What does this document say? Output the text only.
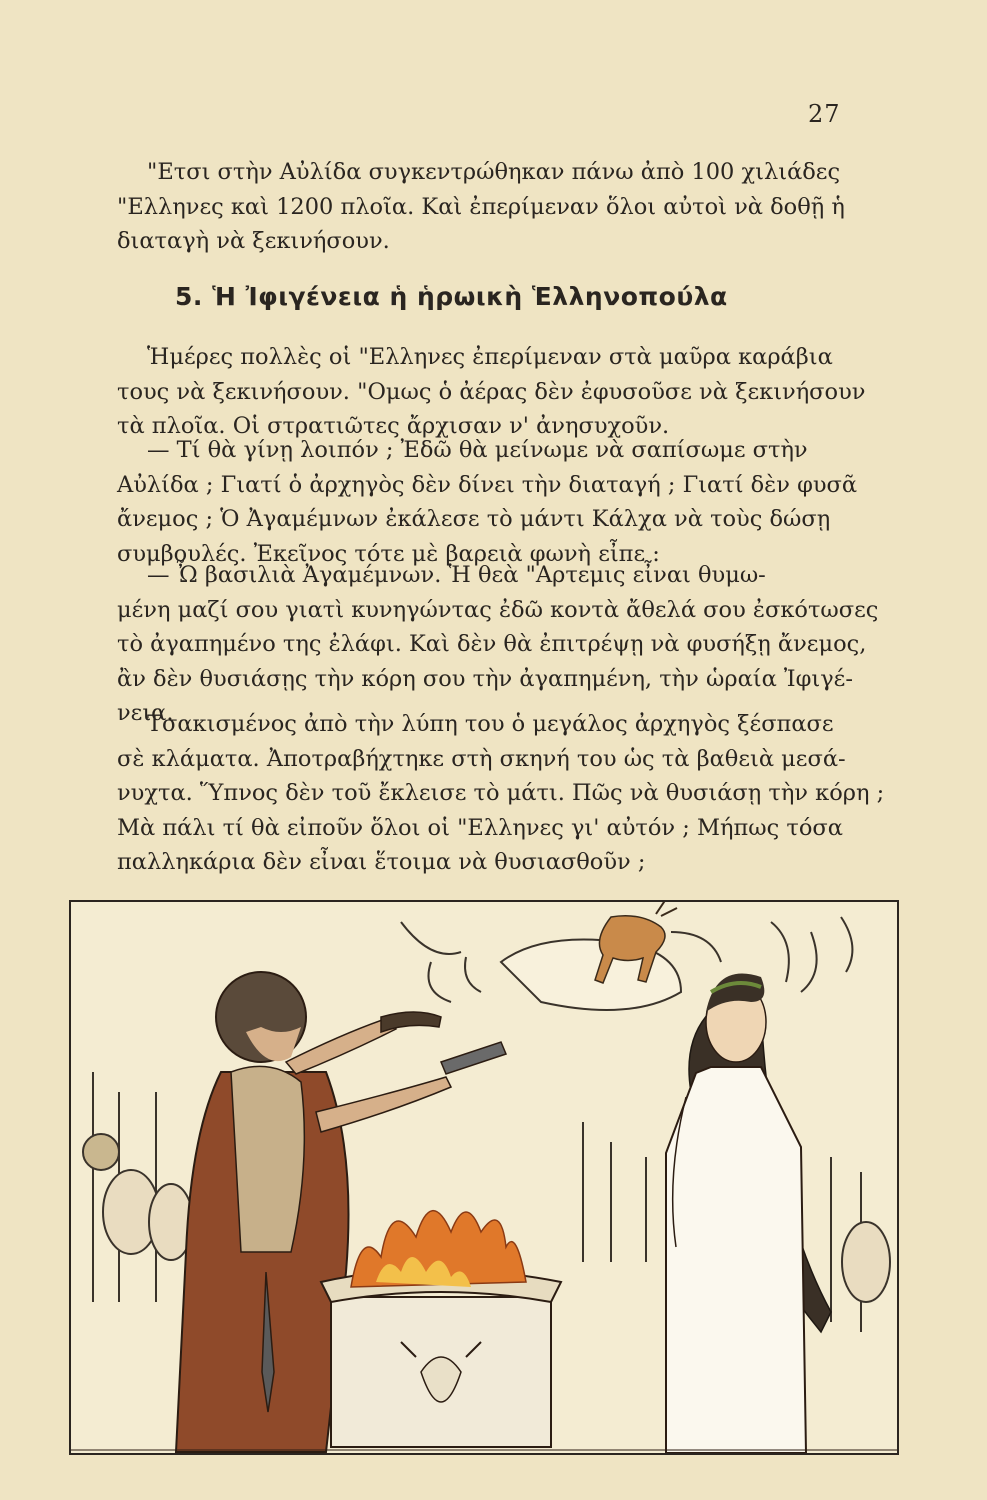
27
"Ετσι στὴν Αὐλίδα συγκεντρώθηκαν πάνω ἀπὸ 100 χιλιάδες
"Ελληνες καὶ 1200 πλοῖα. Καὶ ἐπερίμεναν ὅλοι αὐτοὶ νὰ δοθῇ ἡ
διαταγὴ νὰ ξεκινήσουν.
5. Ἡ Ἰφιγένεια ἡ ἡρωικὴ Ἑλληνοπούλα
Ἡμέρες πολλὲς οἱ "Ελληνες ἐπερίμεναν στὰ μαῦρα καράβια
τους νὰ ξεκινήσουν. "Ομως ὁ ἀέρας δὲν ἐφυσοῦσε νὰ ξεκινήσουν
τὰ πλοῖα. Οἱ στρατιῶτες ἄρχισαν ν' ἀνησυχοῦν.
— Τί θὰ γίνῃ λοιπόν ; Ἐδῶ θὰ μείνωμε νὰ σαπίσωμε στὴν
Αὐλίδα ; Γιατί ὁ ἀρχηγὸς δὲν δίνει τὴν διαταγή ; Γιατί δὲν φυσᾶ
ἄνεμος ; Ὁ Ἀγαμέμνων ἐκάλεσε τὸ μάντι Κάλχα νὰ τοὺς δώσῃ
συμβουλές. Ἐκεῖνος τότε μὲ βαρειὰ φωνὴ εἶπε :
— Ὦ βασιλιὰ Ἀγαμέμνων. Ἡ θεὰ "Αρτεμις εἶναι θυμω-
μένη μαζί σου γιατὶ κυνηγώντας ἐδῶ κοντὰ ἄθελά σου ἐσκότωσες
τὸ ἀγαπημένο της ἐλάφι. Καὶ δὲν θὰ ἐπιτρέψῃ νὰ φυσήξῃ ἄνεμος,
ἂν δὲν θυσιάσῃς τὴν κόρη σου τὴν ἀγαπημένη, τὴν ὡραία Ἰφιγέ-
νεια.
Τσακισμένος ἀπὸ τὴν λύπη του ὁ μεγάλος ἀρχηγὸς ξέσπασε
σὲ κλάματα. Ἀποτραβήχτηκε στὴ σκηνή του ὡς τὰ βαθειὰ μεσά-
νυχτα. Ὕπνος δὲν τοῦ ἔκλεισε τὸ μάτι. Πῶς νὰ θυσιάσῃ τὴν κόρη ;
Μὰ πάλι τί θὰ εἰποῦν ὅλοι οἱ "Ελληνες γι' αὐτόν ; Μήπως τόσα
παλληκάρια δὲν εἶναι ἕτοιμα νὰ θυσιασθοῦν ;
